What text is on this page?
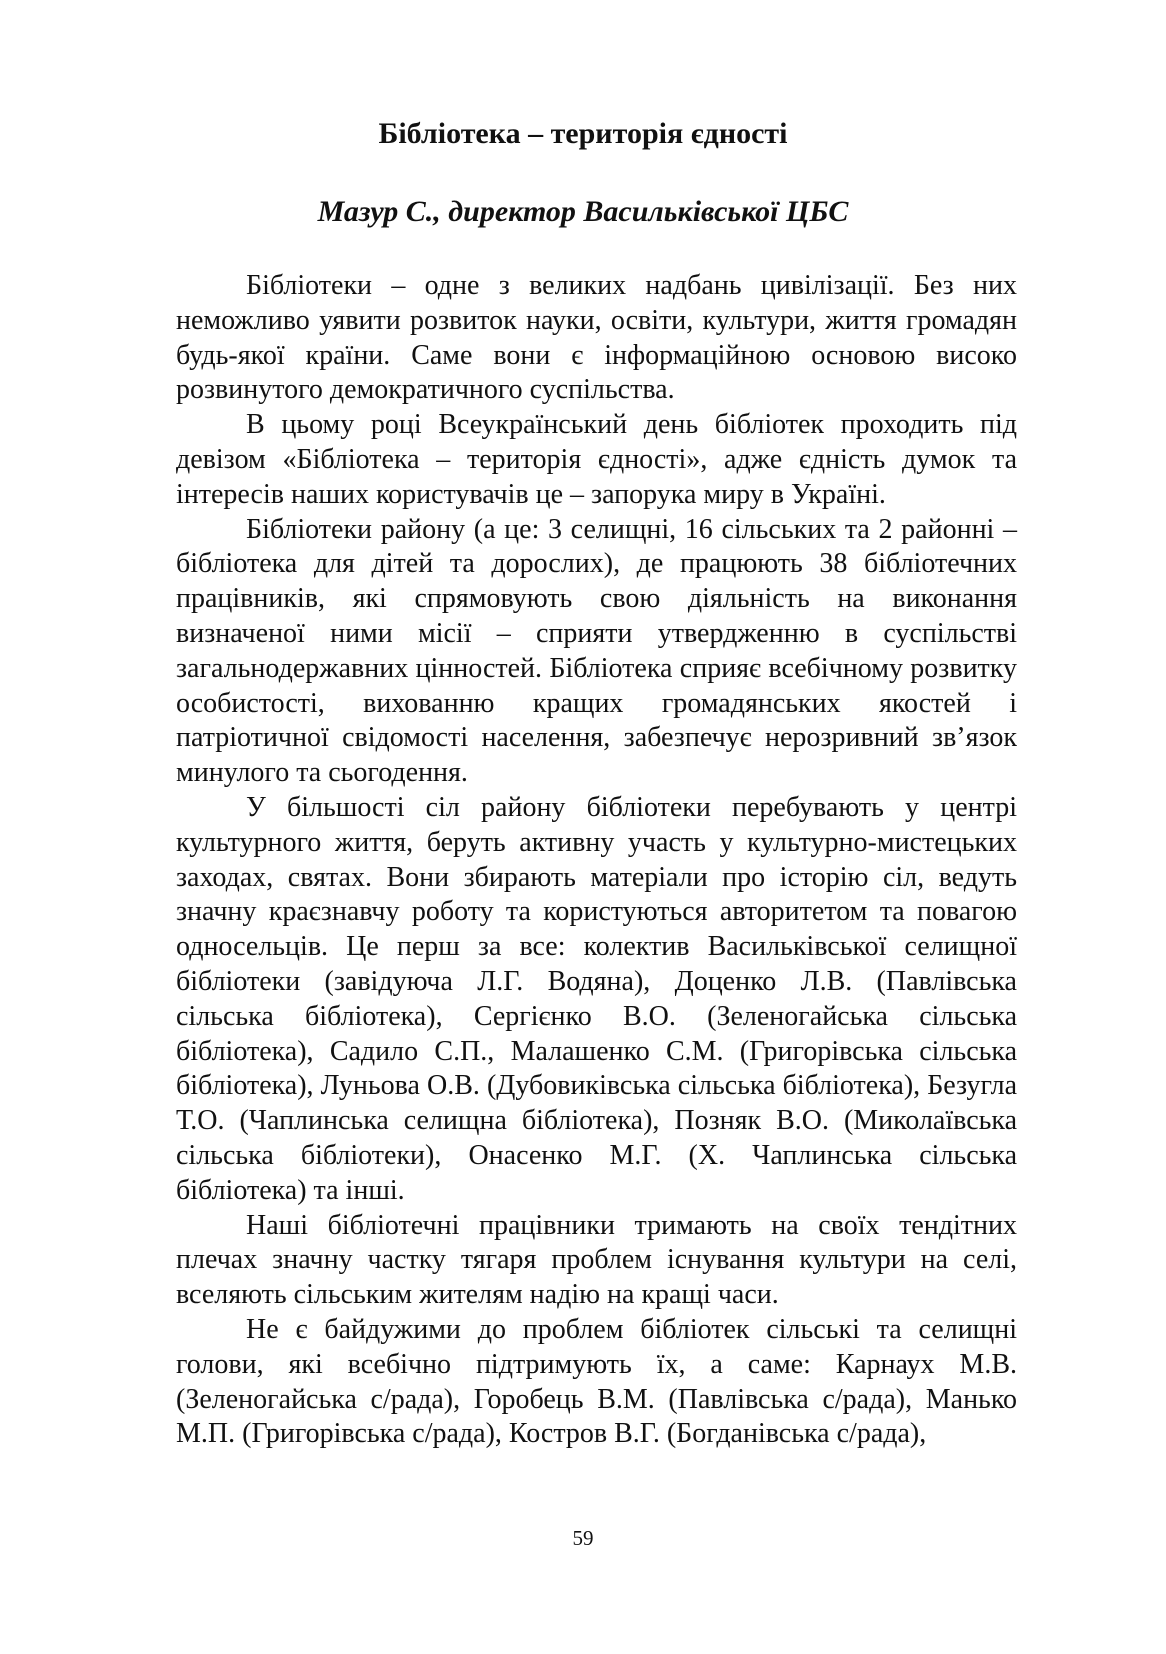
Бібліотека – територія єдності
Мазур С., директор Васильківської ЦБС

Бібліотеки – одне з великих надбань цивілізації. Без них неможливо уявити розвиток науки, освіти, культури, життя громадян будь-якої країни. Саме вони є інформаційною основою високо розвинутого демократичного суспільства.

В цьому році Всеукраїнський день бібліотек проходить під девізом «Бібліотека – територія єдності», адже єдність думок та інтересів наших користувачів це – запорука миру в Україні.

Бібліотеки району (а це: 3 селищні, 16 сільських та 2 районні – бібліотека для дітей та дорослих), де працюють 38 бібліотечних працівників, які спрямовують свою діяльність на виконання визначеної ними місії – сприяти утвердженню в суспільстві загальнодержавних цінностей. Бібліотека сприяє всебічному розвитку особистості, вихованню кращих громадянських якостей і патріотичної свідомості населення, забезпечує нерозривний зв’язок минулого та сьогодення.

У більшості сіл району бібліотеки перебувають у центрі культурного життя, беруть активну участь у культурно-мистецьких заходах, святах. Вони збирають матеріали про історію сіл, ведуть значну краєзнавчу роботу та користуються авторитетом та повагою односельців. Це перш за все: колектив Васильківської селищної бібліотеки (завідуюча Л.Г. Водяна), Доценко Л.В. (Павлівська сільська бібліотека), Сергієнко В.О. (Зеленогайська сільська бібліотека), Садило С.П., Малашенко С.М. (Григорівська сільська бібліотека), Луньова О.В. (Дубовиківська сільська бібліотека), Безугла Т.О. (Чаплинська селищна бібліотека), Позняк В.О. (Миколаївська сільська бібліотеки), Онасенко М.Г. (Х. Чаплинська сільська бібліотека) та інші.

Наші бібліотечні працівники тримають на своїх тендітних плечах значну частку тягаря проблем існування культури на селі, вселяють сільським жителям надію на кращі часи.

Не є байдужими до проблем бібліотек сільські та селищні голови, які всебічно підтримують їх, а саме: Карнаух М.В. (Зеленогайська с/рада), Горобець В.М. (Павлівська с/рада), Манько М.П. (Григорівська с/рада), Костров В.Г. (Богданівська с/рада),

59
